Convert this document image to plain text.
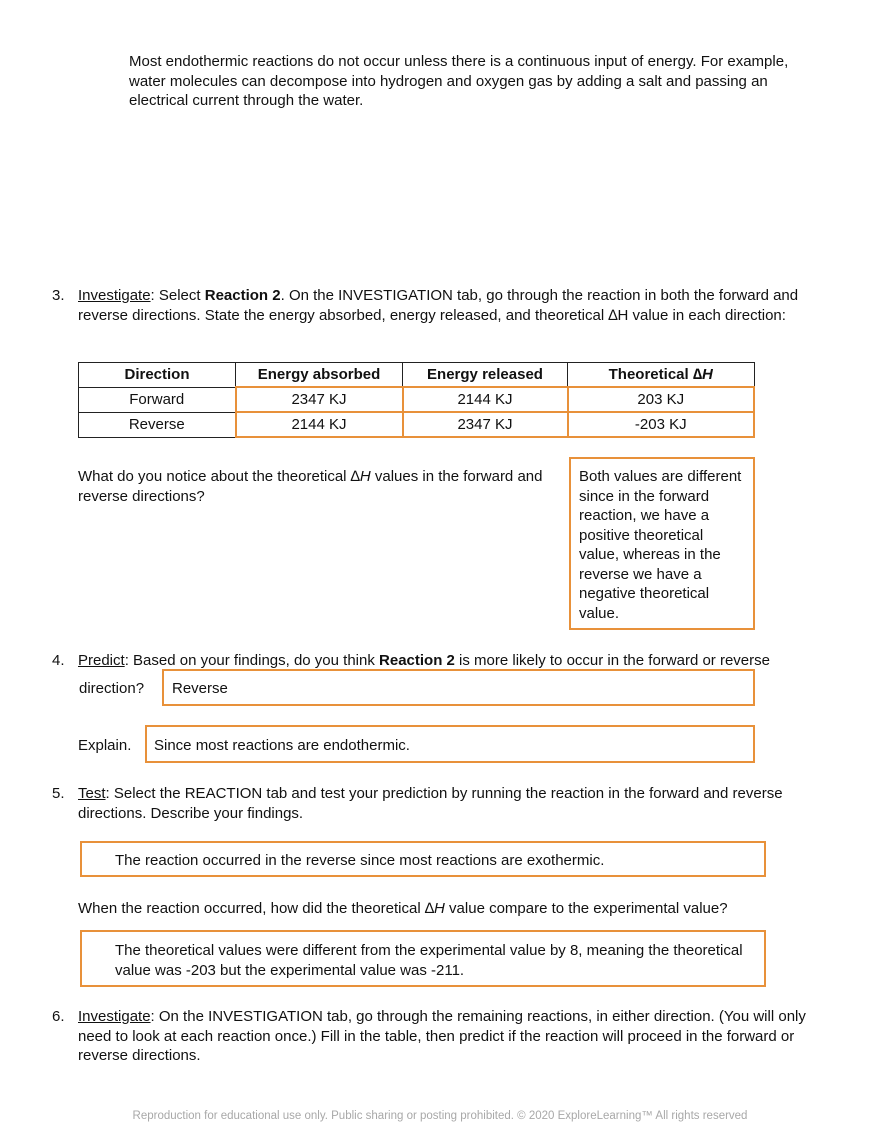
Most endothermic reactions do not occur unless there is a continuous input of energy. For example, water molecules can decompose into hydrogen and oxygen gas by adding a salt and passing an electrical current through the water.
3. Investigate: Select Reaction 2. On the INVESTIGATION tab, go through the reaction in both the forward and reverse directions. State the energy absorbed, energy released, and theoretical ∆H value in each direction:
Direction	Energy absorbed	Energy released	Theoretical ∆H
Forward	2347 KJ	2144 KJ	203 KJ
Reverse	2144 KJ	2347 KJ	-203 KJ
What do you notice about the theoretical ∆H values in the forward and reverse directions?
Both values are different since in the forward reaction, we have a positive theoretical value, whereas in the reverse we have a negative theoretical value.
4. Predict: Based on your findings, do you think Reaction 2 is more likely to occur in the forward or reverse
direction?	Reverse
Explain.	Since most reactions are endothermic.
5. Test: Select the REACTION tab and test your prediction by running the reaction in the forward and reverse directions. Describe your findings.
The reaction occurred in the reverse since most reactions are exothermic.
When the reaction occurred, how did the theoretical ∆H value compare to the experimental value?
The theoretical values were different from the experimental value by 8, meaning the theoretical value was -203 but the experimental value was -211.
6. Investigate: On the INVESTIGATION tab, go through the remaining reactions, in either direction. (You will only need to look at each reaction once.) Fill in the table, then predict if the reaction will proceed in the forward or reverse directions.
Reproduction for educational use only. Public sharing or posting prohibited. © 2020 ExploreLearning™ All rights reserved
